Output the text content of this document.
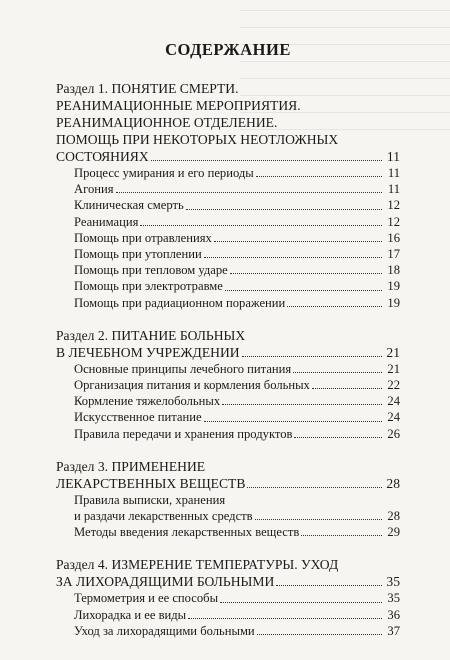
СОДЕРЖАНИЕ
Раздел 1. ПОНЯТИЕ СМЕРТИ.
РЕАНИМАЦИОННЫЕ МЕРОПРИЯТИЯ.
РЕАНИМАЦИОННОЕ ОТДЕЛЕНИЕ.
ПОМОЩЬ ПРИ НЕКОТОРЫХ НЕОТЛОЖНЫХ
СОСТОЯНИЯХ	11
Процесс умирания и его периоды	11
Агония	11
Клиническая смерть	12
Реанимация	12
Помощь при отравлениях	16
Помощь при утоплении	17
Помощь при тепловом ударе	18
Помощь при электротравме	19
Помощь при радиационном поражении	19
Раздел 2. ПИТАНИЕ БОЛЬНЫХ
В ЛЕЧЕБНОМ УЧРЕЖДЕНИИ	21
Основные принципы лечебного питания	21
Организация питания и кормления больных	22
Кормление тяжелобольных	24
Искусственное питание	24
Правила передачи и хранения продуктов	26
Раздел 3. ПРИМЕНЕНИЕ
ЛЕКАРСТВЕННЫХ ВЕЩЕСТВ	28
Правила выписки, хранения
и раздачи лекарственных средств	28
Методы введения лекарственных веществ	29
Раздел 4. ИЗМЕРЕНИЕ ТЕМПЕРАТУРЫ. УХОД
ЗА ЛИХОРАДЯЩИМИ БОЛЬНЫМИ	35
Термометрия и ее способы	35
Лихорадка и ее виды	36
Уход за лихорадящими больными	37
